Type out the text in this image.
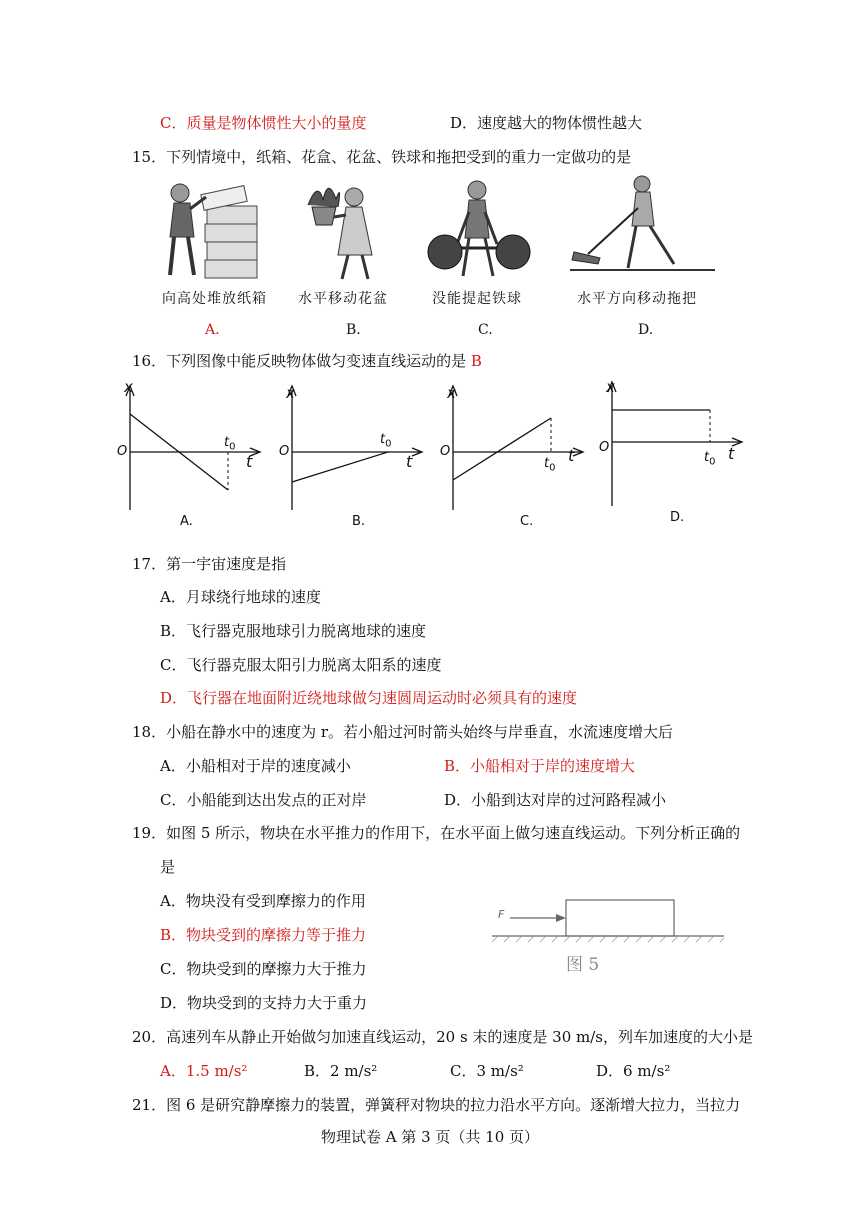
C．质量是物体惯性大小的量度	D．速度越大的物体惯性越大
15．下列情境中，纸箱、花盒、花盆、铁球和拖把受到的重力一定做功的是
向高处堆放纸箱 水平移动花盆	没能提起铁球	水平方向移动拖把
A.	B.	C.	D.
16．下列图像中能反映物体做匀变速直线运动的是 B
x
O
$t_0$
t
A.
x
O
$t_0$
t
B.
x
O
$t_0$
t
C.
x
O
$t_0$ t
D.
17．第一宇宙速度是指
A．月球绕行地球的速度
B．飞行器克服地球引力脱离地球的速度
C．飞行器克服太阳引力脱离太阳系的速度
D．飞行器在地面附近绕地球做匀速圆周运动时必须具有的速度
18．小船在静水中的速度为 r。若小船过河时箭头始终与岸垂直，水流速度增大后
A．小船相对于岸的速度减小	B．小船相对于岸的速度增大
C．小船能到达出发点的正对岸	D．小船到达对岸的过河路程减小
19．如图 5 所示，物块在水平推力的作用下，在水平面上做匀速直线运动。下列分析正确的
是
A．物块没有受到摩擦力的作用
B．物块受到的摩擦力等于推力
C．物块受到的摩擦力大于推力
D．物块受到的支持力大于重力
F
图 5
20．高速列车从静止开始做匀加速直线运动，20 s 末的速度是 30 m/s，列车加速度的大小是
A．1.5 m/s²	B．2 m/s²	C．3 m/s²	D．6 m/s²
21．图 6 是研究静摩擦力的装置，弹簧秤对物块的拉力沿水平方向。逐渐增大拉力，当拉力
物理试卷 A 第 3 页（共 10 页）
